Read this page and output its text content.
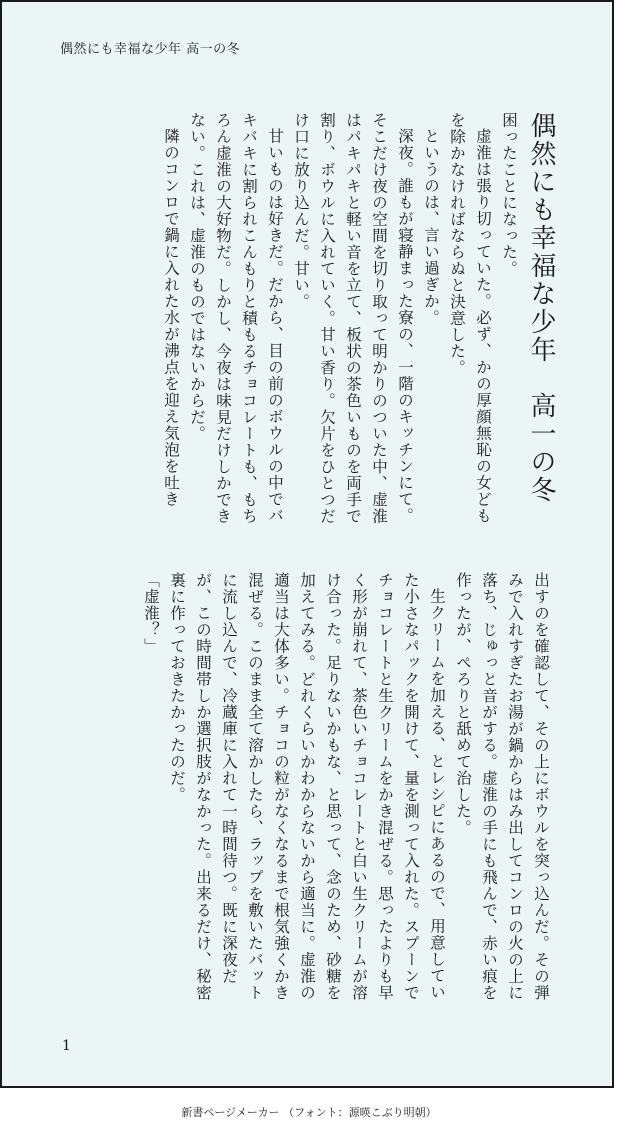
偶然にも幸福な少年 高一の冬
偶然にも幸福な少年　高一の冬

困ったことになった。

虚淮は張り切っていた。必ず、かの厚顔無恥の女どもを除かなければならぬと決意した。

というのは、言い過ぎか。

深夜。誰もが寝静まった寮の、一階のキッチンにて。そこだけ夜の空間を切り取って明かりのついた中、虚淮はパキパキと軽い音を立て、板状の茶色いものを両手で割り、ボウルに入れていく。甘い香り。欠片をひとつだけ口に放り込んだ。甘い。

甘いものは好きだ。だから、目の前のボウルの中でバキバキに割られこんもりと積もるチョコレートも、もちろん虚淮の大好物だ。しかし、今夜は味見だけしかできない。これは、虚淮のものではないからだ。

隣のコンロで鍋に入れた水が沸点を迎え気泡を吐き

出すのを確認して、その上にボウルを突っ込んだ。その弾みで入れすぎたお湯が鍋からはみ出してコンロの火の上に落ち、じゅっと音がする。虚淮の手にも飛んで、赤い痕を作ったが、ぺろりと舐めて治した。

生クリームを加える、とレシピにあるので、用意していた小さなパックを開けて、量を測って入れた。スプーンでチョコレートと生クリームをかき混ぜる。思ったよりも早く形が崩れて、茶色いチョコレートと白い生クリームが溶け合った。足りないかもな、と思って、念のため、砂糖を加えてみる。どれくらいかわからないから適当に。虚淮の適当は大体多い。チョコの粒がなくなるまで根気強くかき混ぜる。このまま全て溶かしたら、ラップを敷いたバットに流し込んで、冷蔵庫に入れて一時間待つ。既に深夜だが、この時間帯しか選択肢がなかった。出来るだけ、秘密裏に作っておきたかったのだ。

「虚淮？」

1
新書ページメーカー （フォント：源暎こぶり明朝）
